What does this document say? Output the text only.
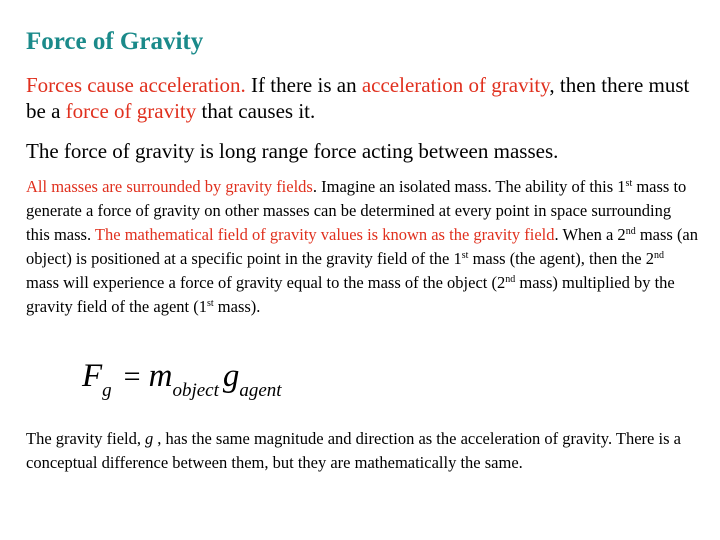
Force of Gravity

Forces cause acceleration. If there is an acceleration of gravity, then there must be a force of gravity that causes it.

The force of gravity is long range force acting between masses.

All masses are surrounded by gravity fields. Imagine an isolated mass. The ability of this 1st mass to generate a force of gravity on other masses can be determined at every point in space surrounding this mass. The mathematical field of gravity values is known as the gravity field. When a 2nd mass (an object) is positioned at a specific point in the gravity field of the 1st mass (the agent), then the 2nd mass will experience a force of gravity equal to the mass of the object (2nd mass) multiplied by the gravity field of the agent (1st mass).

Fg = mobject gagent

The gravity field, g , has the same magnitude and direction as the acceleration of gravity. There is a conceptual difference between them, but they are mathematically the same.
